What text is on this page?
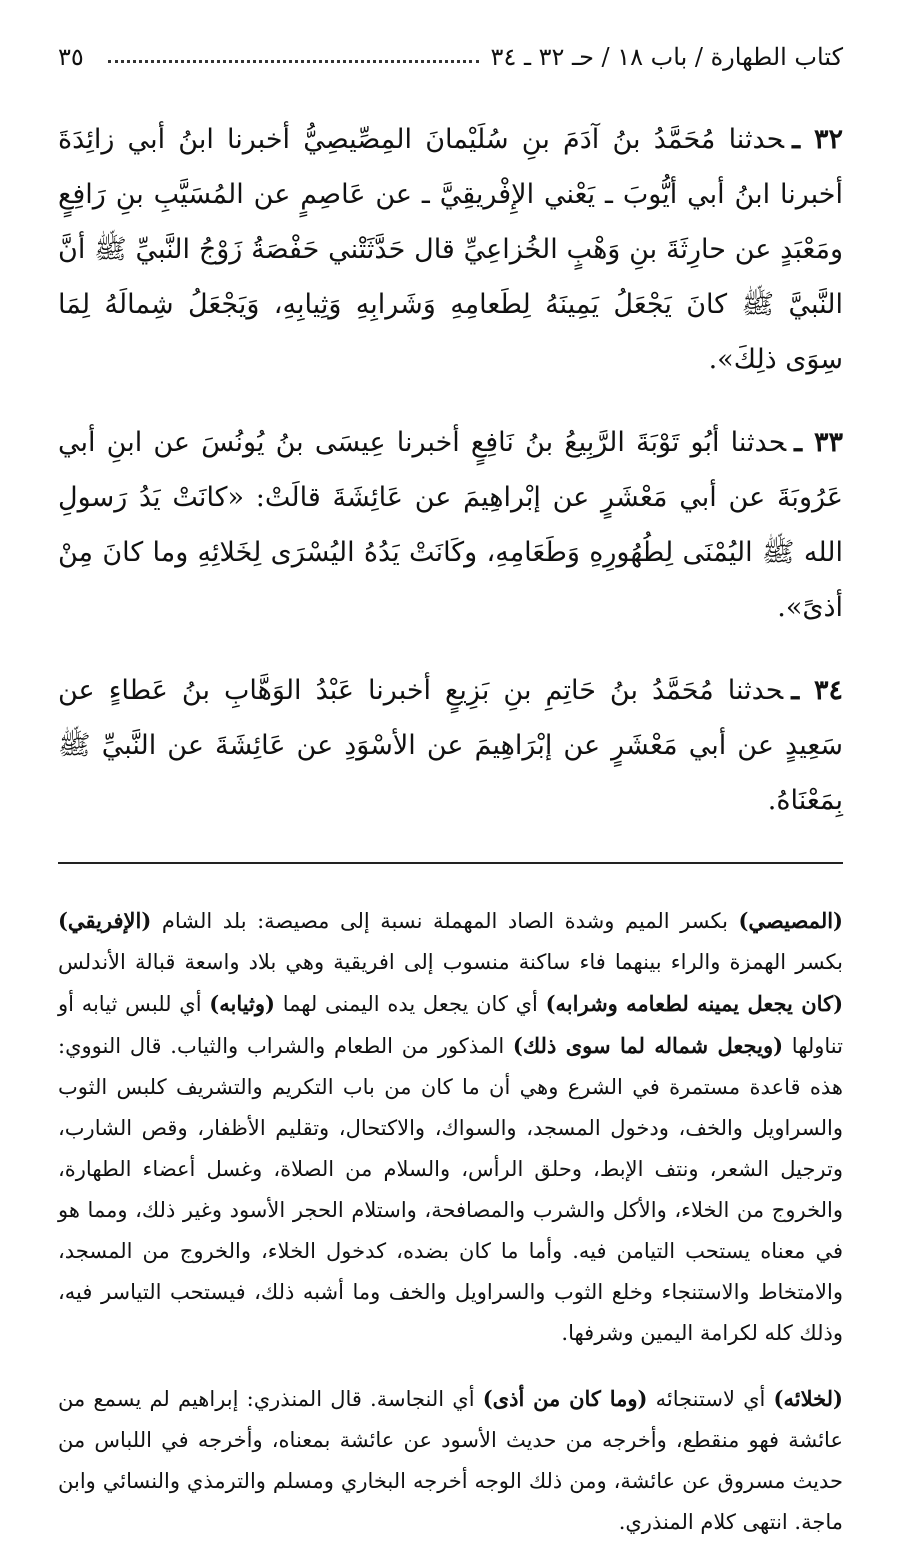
كتاب الطهارة / باب ١٨ / حـ ٣٢ ـ ٣٤
٣٥

٣٢ ـحدثنا مُحَمَّدُ بنُ آدَمَ بنِ سُلَيْمانَ المِصِّيصِيُّ أخبرنا ابنُ أبي زائِدَةَ أخبرنا ابنُ أبي أيُّوبَ ـ يَعْني الإِفْريقِيَّ ـ عن عَاصِمٍ عن المُسَيَّبِ بنِ رَافِعٍ ومَعْبَدٍ عن حارِثَةَ بنِ وَهْبٍ الخُزاعِيِّ قال حَدَّثَتْني حَفْصَةُ زَوْجُ النَّبيِّ ﷺ أنَّ النَّبيَّ ﷺ كانَ يَجْعَلُ يَمِينَهُ لِطَعامِهِ وَشَرابِهِ وَثِيابِهِ، وَيَجْعَلُ شِمالَهُ لِمَا سِوَى ذلِكَ».

٣٣ ـحدثنا أبُو تَوْبَةَ الرَّبِيعُ بنُ نَافِعٍ أخبرنا عِيسَى بنُ يُونُسَ عن ابنِ أبي عَرُوبَةَ عن أبي مَعْشَرٍ عن إبْراهِيمَ عن عَائِشَةَ قالَتْ: «كانَتْ يَدُ رَسولِ الله ﷺ اليُمْنَى لِطُهُورِهِ وَطَعَامِهِ، وكَانَتْ يَدُهُ اليُسْرَى لِخَلائِهِ وما كانَ مِنْ أذىً».

٣٤ ـحدثنا مُحَمَّدُ بنُ حَاتِمِ بنِ بَزِيعٍ أخبرنا عَبْدُ الوَهَّابِ بنُ عَطاءٍ عن سَعِيدٍ عن أبي مَعْشَرٍ عن إبْرَاهِيمَ عن الأسْوَدِ عن عَائِشَةَ عن النَّبيِّ ﷺ بِمَعْنَاهُ.

(المصيصي) بكسر الميم وشدة الصاد المهملة نسبة إلى مصيصة: بلد الشام (الإفريقي) بكسر الهمزة والراء بينهما فاء ساكنة منسوب إلى افريقية وهي بلاد واسعة قبالة الأندلس (كان يجعل يمينه لطعامه وشرابه) أي كان يجعل يده اليمنى لهما (وثيابه) أي للبس ثيابه أو تناولها (ويجعل شماله لما سوى ذلك) المذكور من الطعام والشراب والثياب. قال النووي: هذه قاعدة مستمرة في الشرع وهي أن ما كان من باب التكريم والتشريف كلبس الثوب والسراويل والخف، ودخول المسجد، والسواك، والاكتحال، وتقليم الأظفار، وقص الشارب، وترجيل الشعر، ونتف الإبط، وحلق الرأس، والسلام من الصلاة، وغسل أعضاء الطهارة، والخروج من الخلاء، والأكل والشرب والمصافحة، واستلام الحجر الأسود وغير ذلك، ومما هو في معناه يستحب التيامن فيه. وأما ما كان بضده، كدخول الخلاء، والخروج من المسجد، والامتخاط والاستنجاء وخلع الثوب والسراويل والخف وما أشبه ذلك، فيستحب التياسر فيه، وذلك كله لكرامة اليمين وشرفها.

(لخلائه) أي لاستنجائه (وما كان من أذى) أي النجاسة. قال المنذري: إبراهيم لم يسمع من عائشة فهو منقطع، وأخرجه من حديث الأسود عن عائشة بمعناه، وأخرجه في اللباس من حديث مسروق عن عائشة، ومن ذلك الوجه أخرجه البخاري ومسلم والترمذي والنسائي وابن ماجة. انتهى كلام المنذري.
